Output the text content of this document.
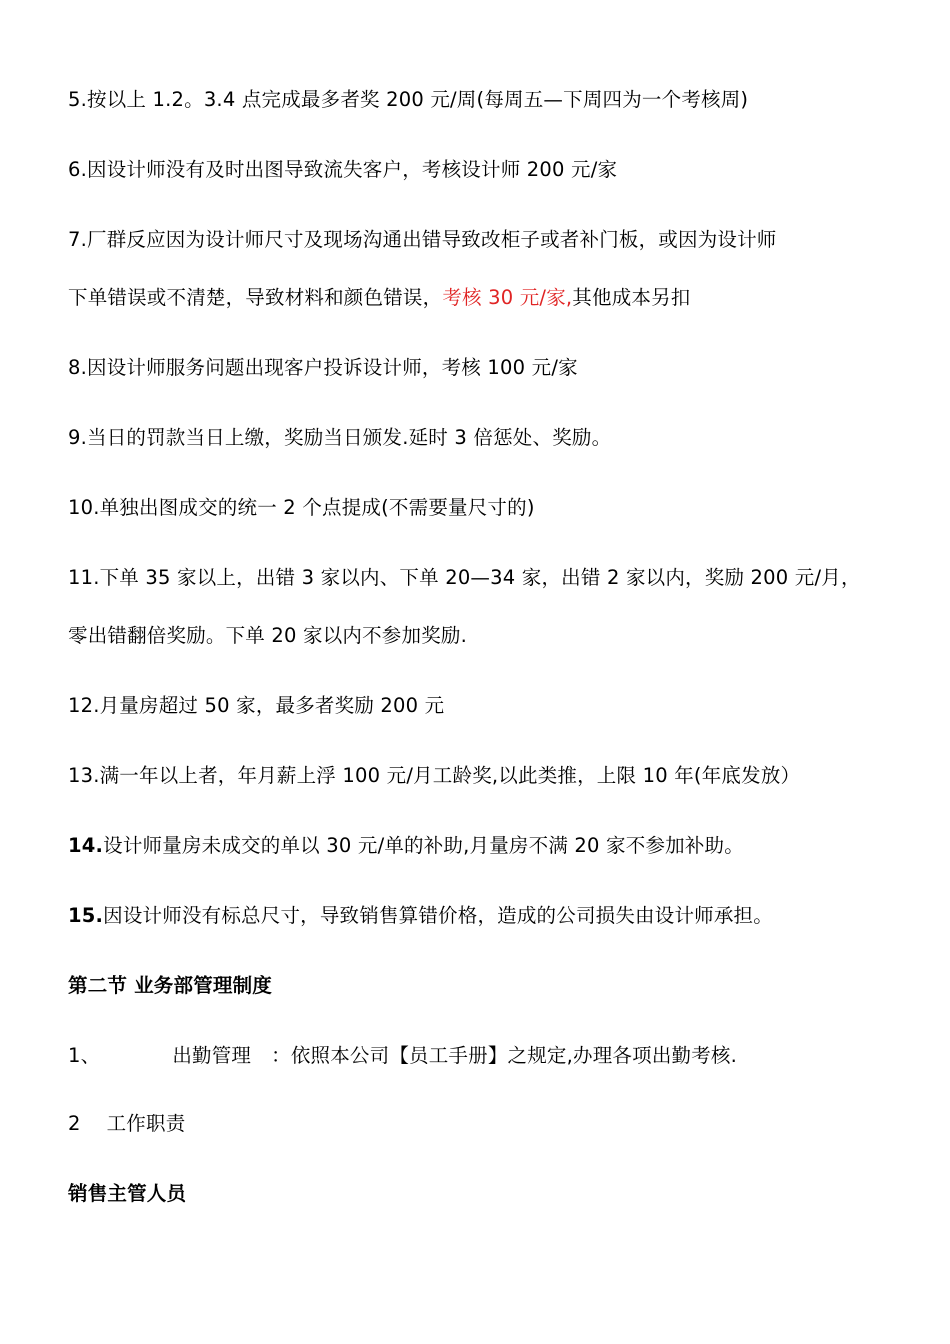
5.按以上 1.2。3.4 点完成最多者奖 200 元/周(每周五—下周四为一个考核周)
6.因设计师没有及时出图导致流失客户，考核设计师 200 元/家
7.厂群反应因为设计师尺寸及现场沟通出错导致改柜子或者补门板，或因为设计师
下单错误或不清楚，导致材料和颜色错误，考核 30 元/家,其他成本另扣
8.因设计师服务问题出现客户投诉设计师，考核 100 元/家
9.当日的罚款当日上缴，奖励当日颁发.延时 3 倍惩处、奖励。
10.单独出图成交的统一 2 个点提成(不需要量尺寸的)
11.下单 35 家以上，出错 3 家以内、下单 20—34 家，出错 2 家以内，奖励 200 元/月，
零出错翻倍奖励。下单 20 家以内不参加奖励.
12.月量房超过 50 家，最多者奖励 200 元
13.满一年以上者，年月薪上浮 100 元/月工龄奖,以此类推，上限 10 年(年底发放）
14.设计师量房未成交的单以 30 元/单的补助,月量房不满 20 家不参加补助。
15.因设计师没有标总尺寸，导致销售算错价格，造成的公司损失由设计师承担。
第二节 业务部管理制度
1、	出勤管理 ：依照本公司【员工手册】之规定,办理各项出勤考核.
2 工作职责
销售主管人员
